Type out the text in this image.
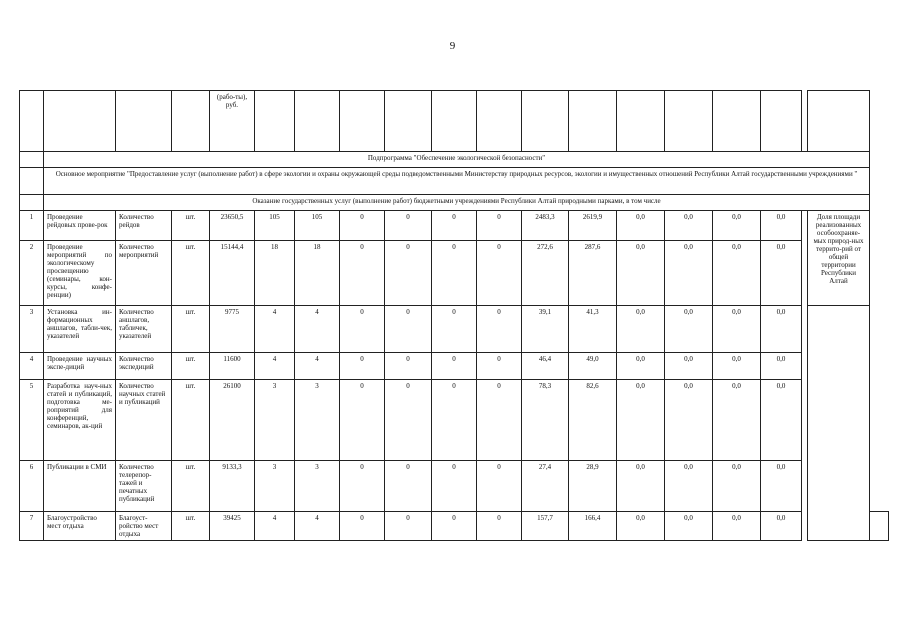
9
				(рабо-ты), руб.															
	Подпрограмма "Обеспечение экологической безопасности"																		
	Основное мероприятие "Предоставление услуг (выполнение работ) в сфере экологии и охраны окружающей среды подведомственными Министерству природных ресурсов, экологии и имущественных отношений Республики Алтай государственными учреждениями "																		
	Оказание государственных услуг (выполнение работ) бюджетными учреждениями Республики Алтай природными парками, в том числе																		
1	Проведение рейдовых прове-рок	Количество рейдов	шт.	23650,5	105	105	0	0	0	0	2483,3	2619,9	0,0	0,0	0,0	0,0		Доля площади реализованных особоохраняе-мых природ-ных террито-рий от общей территории Республики Алтай	
2	Проведение мероприятий по экологическому просвещению (семинары, кон-курсы, конфе-ренции)	Количество мероприятий	шт.	15144,4	18	18	0	0	0	0	272,6	287,6	0,0	0,0	0,0	0,0			
3	Установка ин-формационных аншлагов, табли-чек, указателей	Количество аншлагов, табличек, указателей	шт.	9775	4	4	0	0	0	0	39,1	41,3	0,0	0,0	0,0	0,0			
4	Проведение научных экспе-диций	Количество экспедиций	шт.	11600	4	4	0	0	0	0	46,4	49,0	0,0	0,0	0,0	0,0			
5	Разработка науч-ных статей и публикаций, подготовка ме-роприятий для конференций, семинаров, ак-ций	Количество научных статей и публикаций	шт.	26100	3	3	0	0	0	0	78,3	82,6	0,0	0,0	0,0	0,0			
6	Публикации в СМИ	Количество телерепор-тажей и печатных публикаций	шт.	9133,3	3	3	0	0	0	0	27,4	28,9	0,0	0,0	0,0	0,0			
7	Благоустройство мест отдыха	Благоуст-ройство мест отдыха	шт.	39425	4	4	0	0	0	0	157,7	166,4	0,0	0,0	0,0	0,0			
